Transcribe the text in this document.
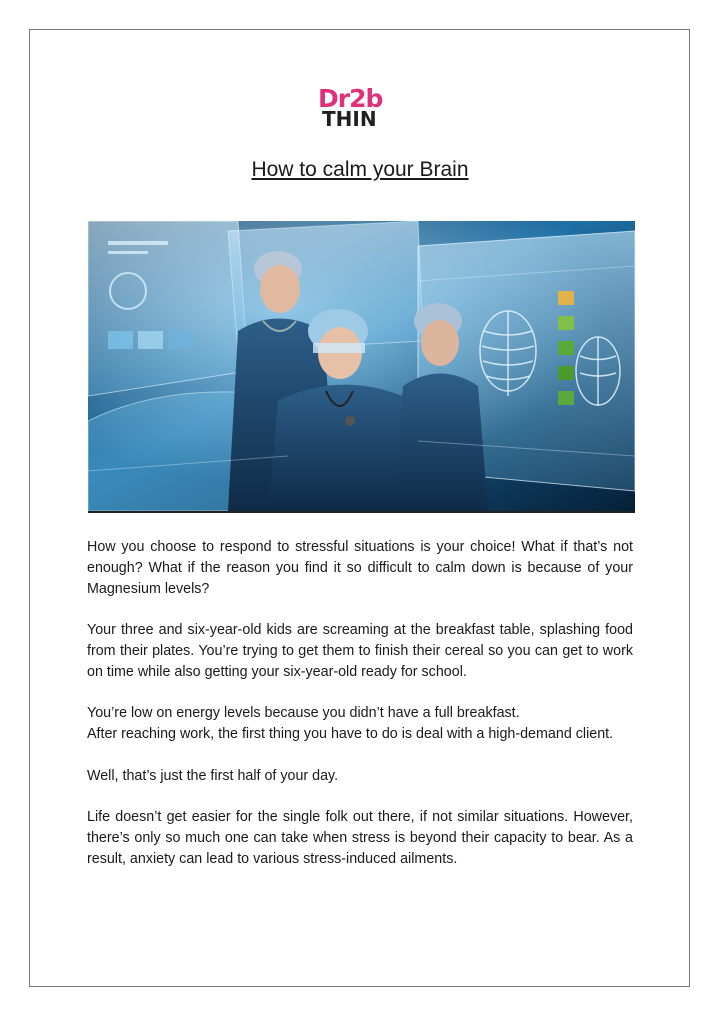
Dr2b
THIN
How to calm your Brain

How you choose to respond to stressful situations is your choice! What if that’s not enough? What if the reason you find it so difficult to calm down is because of your Magnesium levels?

Your three and six-year-old kids are screaming at the breakfast table, splashing food from their plates. You’re trying to get them to finish their cereal so you can get to work on time while also getting your six-year-old ready for school.

You’re low on energy levels because you didn’t have a full breakfast.

After reaching work, the first thing you have to do is deal with a high-demand client.

Well, that’s just the first half of your day.

Life doesn’t get easier for the single folk out there, if not similar situations. However, there’s only so much one can take when stress is beyond their capacity to bear. As a result, anxiety can lead to various stress-induced ailments.
